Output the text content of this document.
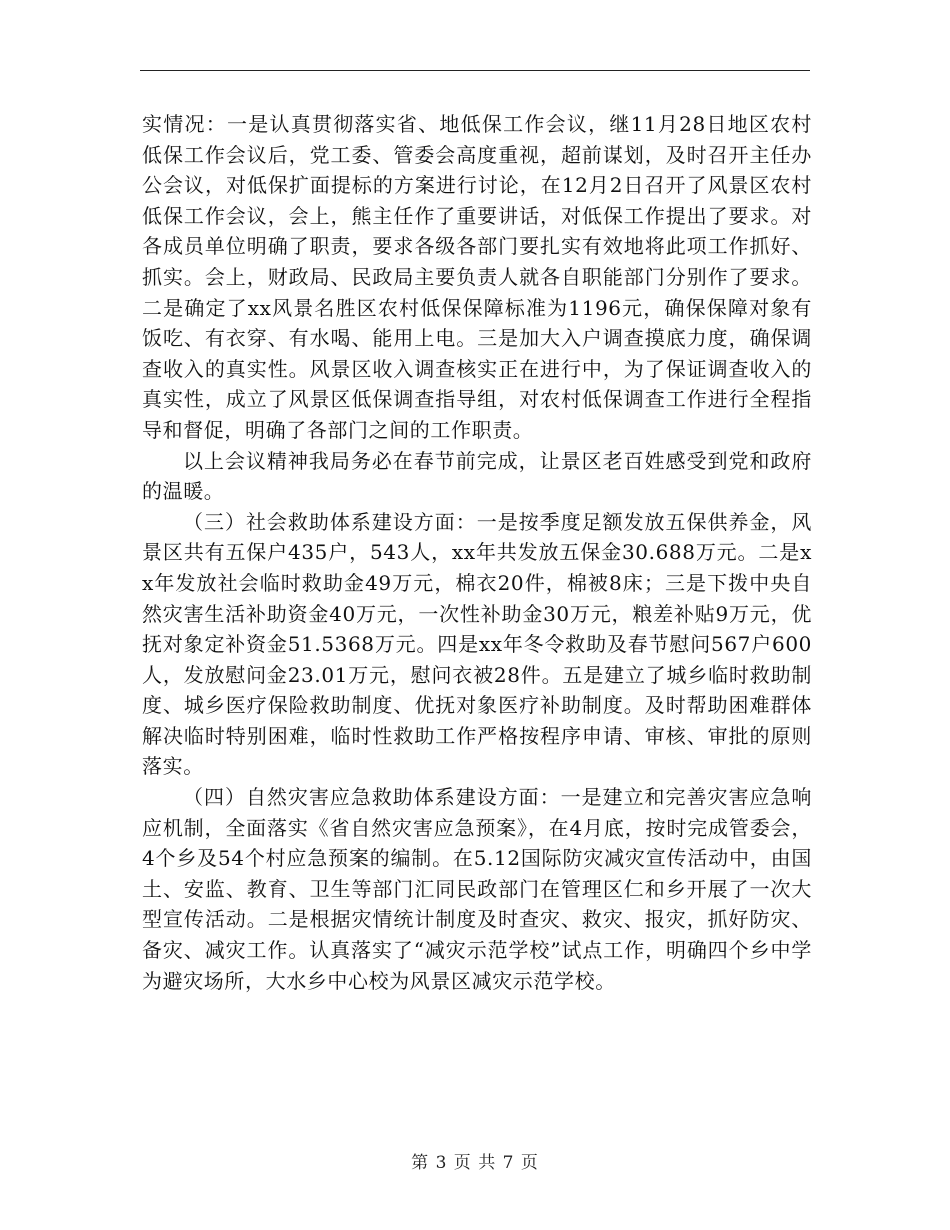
实情况：一是认真贯彻落实省、地低保工作会议，继11月28日地区农村低保工作会议后，党工委、管委会高度重视，超前谋划，及时召开主任办公会议，对低保扩面提标的方案进行讨论，在12月2日召开了风景区农村低保工作会议，会上，熊主任作了重要讲话，对低保工作提出了要求。对各成员单位明确了职责，要求各级各部门要扎实有效地将此项工作抓好、抓实。会上，财政局、民政局主要负责人就各自职能部门分别作了要求。二是确定了xx风景名胜区农村低保保障标准为1196元，确保保障对象有饭吃、有衣穿、有水喝、能用上电。三是加大入户调查摸底力度，确保调查收入的真实性。风景区收入调查核实正在进行中，为了保证调查收入的真实性，成立了风景区低保调查指导组，对农村低保调查工作进行全程指导和督促，明确了各部门之间的工作职责。

以上会议精神我局务必在春节前完成，让景区老百姓感受到党和政府的温暖。

（三）社会救助体系建设方面：一是按季度足额发放五保供养金，风景区共有五保户435户，543人，xx年共发放五保金30.688万元。二是xx年发放社会临时救助金49万元，棉衣20件，棉被8床；三是下拨中央自然灾害生活补助资金40万元，一次性补助金30万元，粮差补贴9万元，优抚对象定补资金51.5368万元。四是xx年冬令救助及春节慰问567户600人，发放慰问金23.01万元，慰问衣被28件。五是建立了城乡临时救助制度、城乡医疗保险救助制度、优抚对象医疗补助制度。及时帮助困难群体解决临时特别困难，临时性救助工作严格按程序申请、审核、审批的原则落实。

（四）自然灾害应急救助体系建设方面：一是建立和完善灾害应急响应机制，全面落实《省自然灾害应急预案》，在4月底，按时完成管委会，4个乡及54个村应急预案的编制。在5.12国际防灾减灾宣传活动中，由国土、安监、教育、卫生等部门汇同民政部门在管理区仁和乡开展了一次大型宣传活动。二是根据灾情统计制度及时查灾、救灾、报灾，抓好防灾、备灾、减灾工作。认真落实了“减灾示范学校”试点工作，明确四个乡中学为避灾场所，大水乡中心校为风景区减灾示范学校。

第 3 页 共 7 页
